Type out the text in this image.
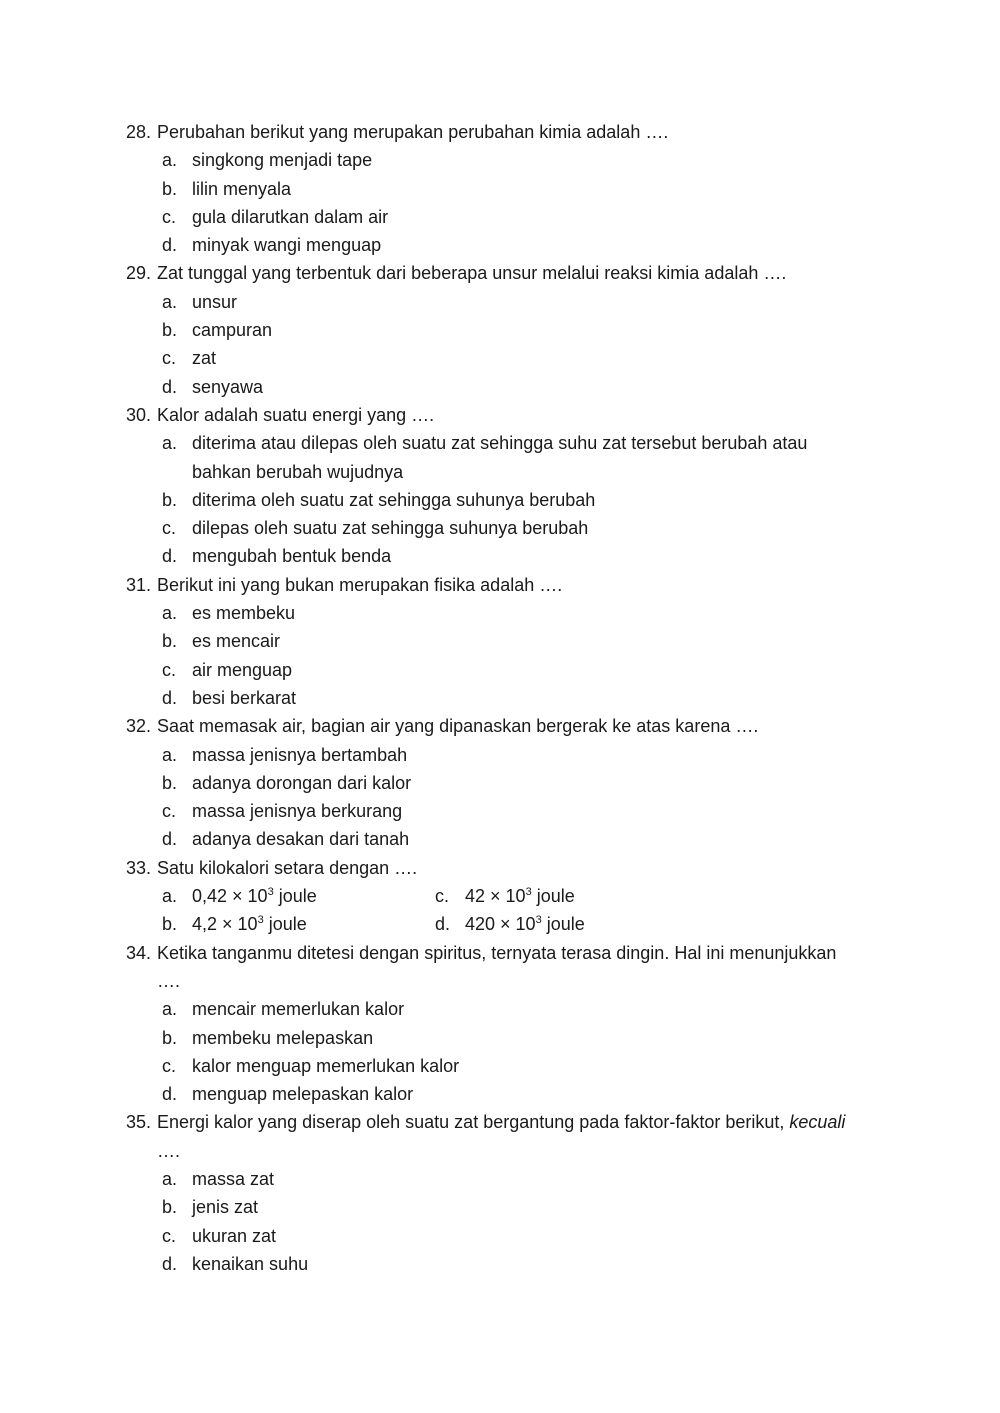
28. Perubahan berikut yang merupakan perubahan kimia adalah ….
a. singkong menjadi tape
b. lilin menyala
c. gula dilarutkan dalam air
d. minyak wangi menguap
29. Zat tunggal yang terbentuk dari beberapa unsur melalui reaksi kimia adalah ….
a. unsur
b. campuran
c. zat
d. senyawa
30. Kalor adalah suatu energi yang ….
a. diterima atau dilepas oleh suatu zat sehingga suhu zat tersebut berubah atau
bahkan berubah wujudnya
b. diterima oleh suatu zat sehingga suhunya berubah
c. dilepas oleh suatu zat sehingga suhunya berubah
d. mengubah bentuk benda
31. Berikut ini yang bukan merupakan fisika adalah ….
a. es membeku
b. es mencair
c. air menguap
d. besi berkarat
32. Saat memasak air, bagian air yang dipanaskan bergerak ke atas karena ….
a. massa jenisnya bertambah
b. adanya dorongan dari kalor
c. massa jenisnya berkurang
d. adanya desakan dari tanah
33. Satu kilokalori setara dengan ….
a. $0,42 \times 10^3$ joule	c. $42 \times 10^3$ joule
b. $4,2 \times 10^3$ joule	d. $420 \times 10^3$ joule
34. Ketika tanganmu ditetesi dengan spiritus, ternyata terasa dingin. Hal ini menunjukkan
….
a. mencair memerlukan kalor
b. membeku melepaskan
c. kalor menguap memerlukan kalor
d. menguap melepaskan kalor
35. Energi kalor yang diserap oleh suatu zat bergantung pada faktor-faktor berikut, kecuali
….
a. massa zat
b. jenis zat
c. ukuran zat
d. kenaikan suhu
